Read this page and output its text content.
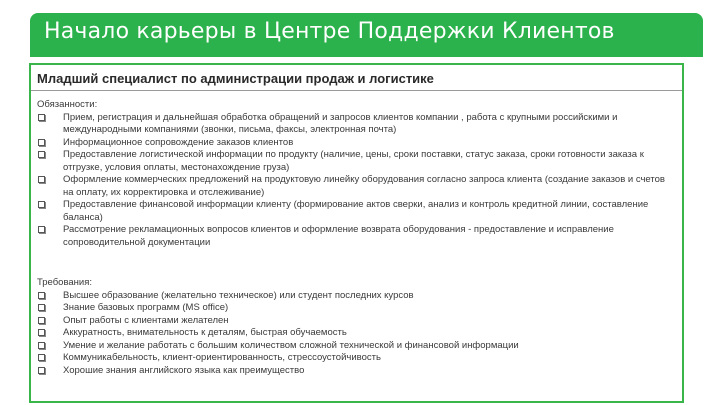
Начало карьеры в Центре Поддержки Клиентов
Младший специалист по администрации продаж и логистике
Обязанности:
Прием, регистрация и дальнейшая обработка обращений и запросов клиентов компании , работа с крупными российскими и международными компаниями (звонки, письма, факсы, электронная почта)
Информационное сопровождение заказов клиентов
Предоставление логистической информации по продукту (наличие, цены, сроки поставки, статус заказа, сроки готовности заказа к отгрузке, условия оплаты, местонахождение груза)
Оформление коммерческих предложений на продуктовую линейку оборудования согласно запроса клиента (создание заказов и счетов на оплату, их корректировка и отслеживание)
Предоставление финансовой информации клиенту (формирование актов сверки, анализ и контроль кредитной линии, составление баланса)
Рассмотрение рекламационных вопросов клиентов и оформление возврата оборудования - предоставление и исправление сопроводительной документации
Требования:
Высшее образование (желательно техническое) или студент последних курсов
Знание базовых программ (MS office)
Опыт работы с клиентами желателен
Аккуратность, внимательность к деталям, быстрая обучаемость
Умение и желание работать с большим количеством сложной технической и финансовой информации
Коммуникабельность, клиент-ориентированность, стрессоустойчивость
Хорошие знания английского языка как преимущество
